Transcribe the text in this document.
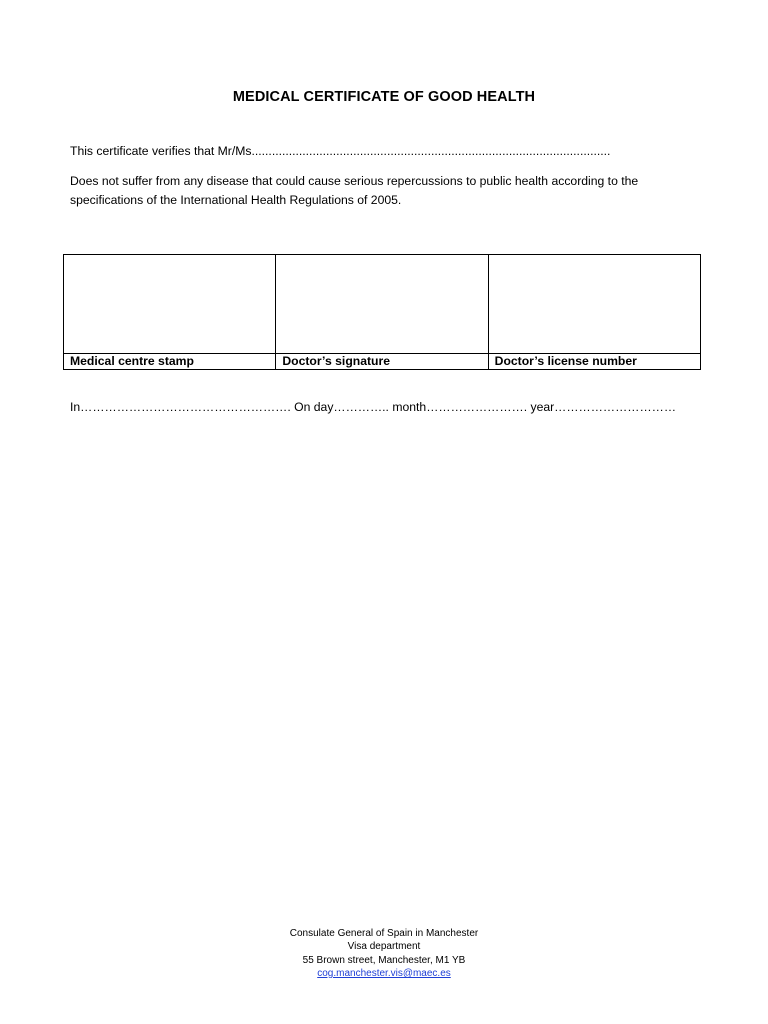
MEDICAL CERTIFICATE OF GOOD HEALTH
This certificate verifies that Mr/Ms..........................................................................................................
Does not suffer from any disease that could cause serious repercussions to public health according to the
specifications of the International Health Regulations of 2005.

Medical centre stamp	Doctor’s signature	Doctor’s license number
In……………………………………………. On day………….. month……………………. year…………………………
Consulate General of Spain in Manchester
Visa department
55 Brown street, Manchester, M1 YB
cog.manchester.vis@maec.es
